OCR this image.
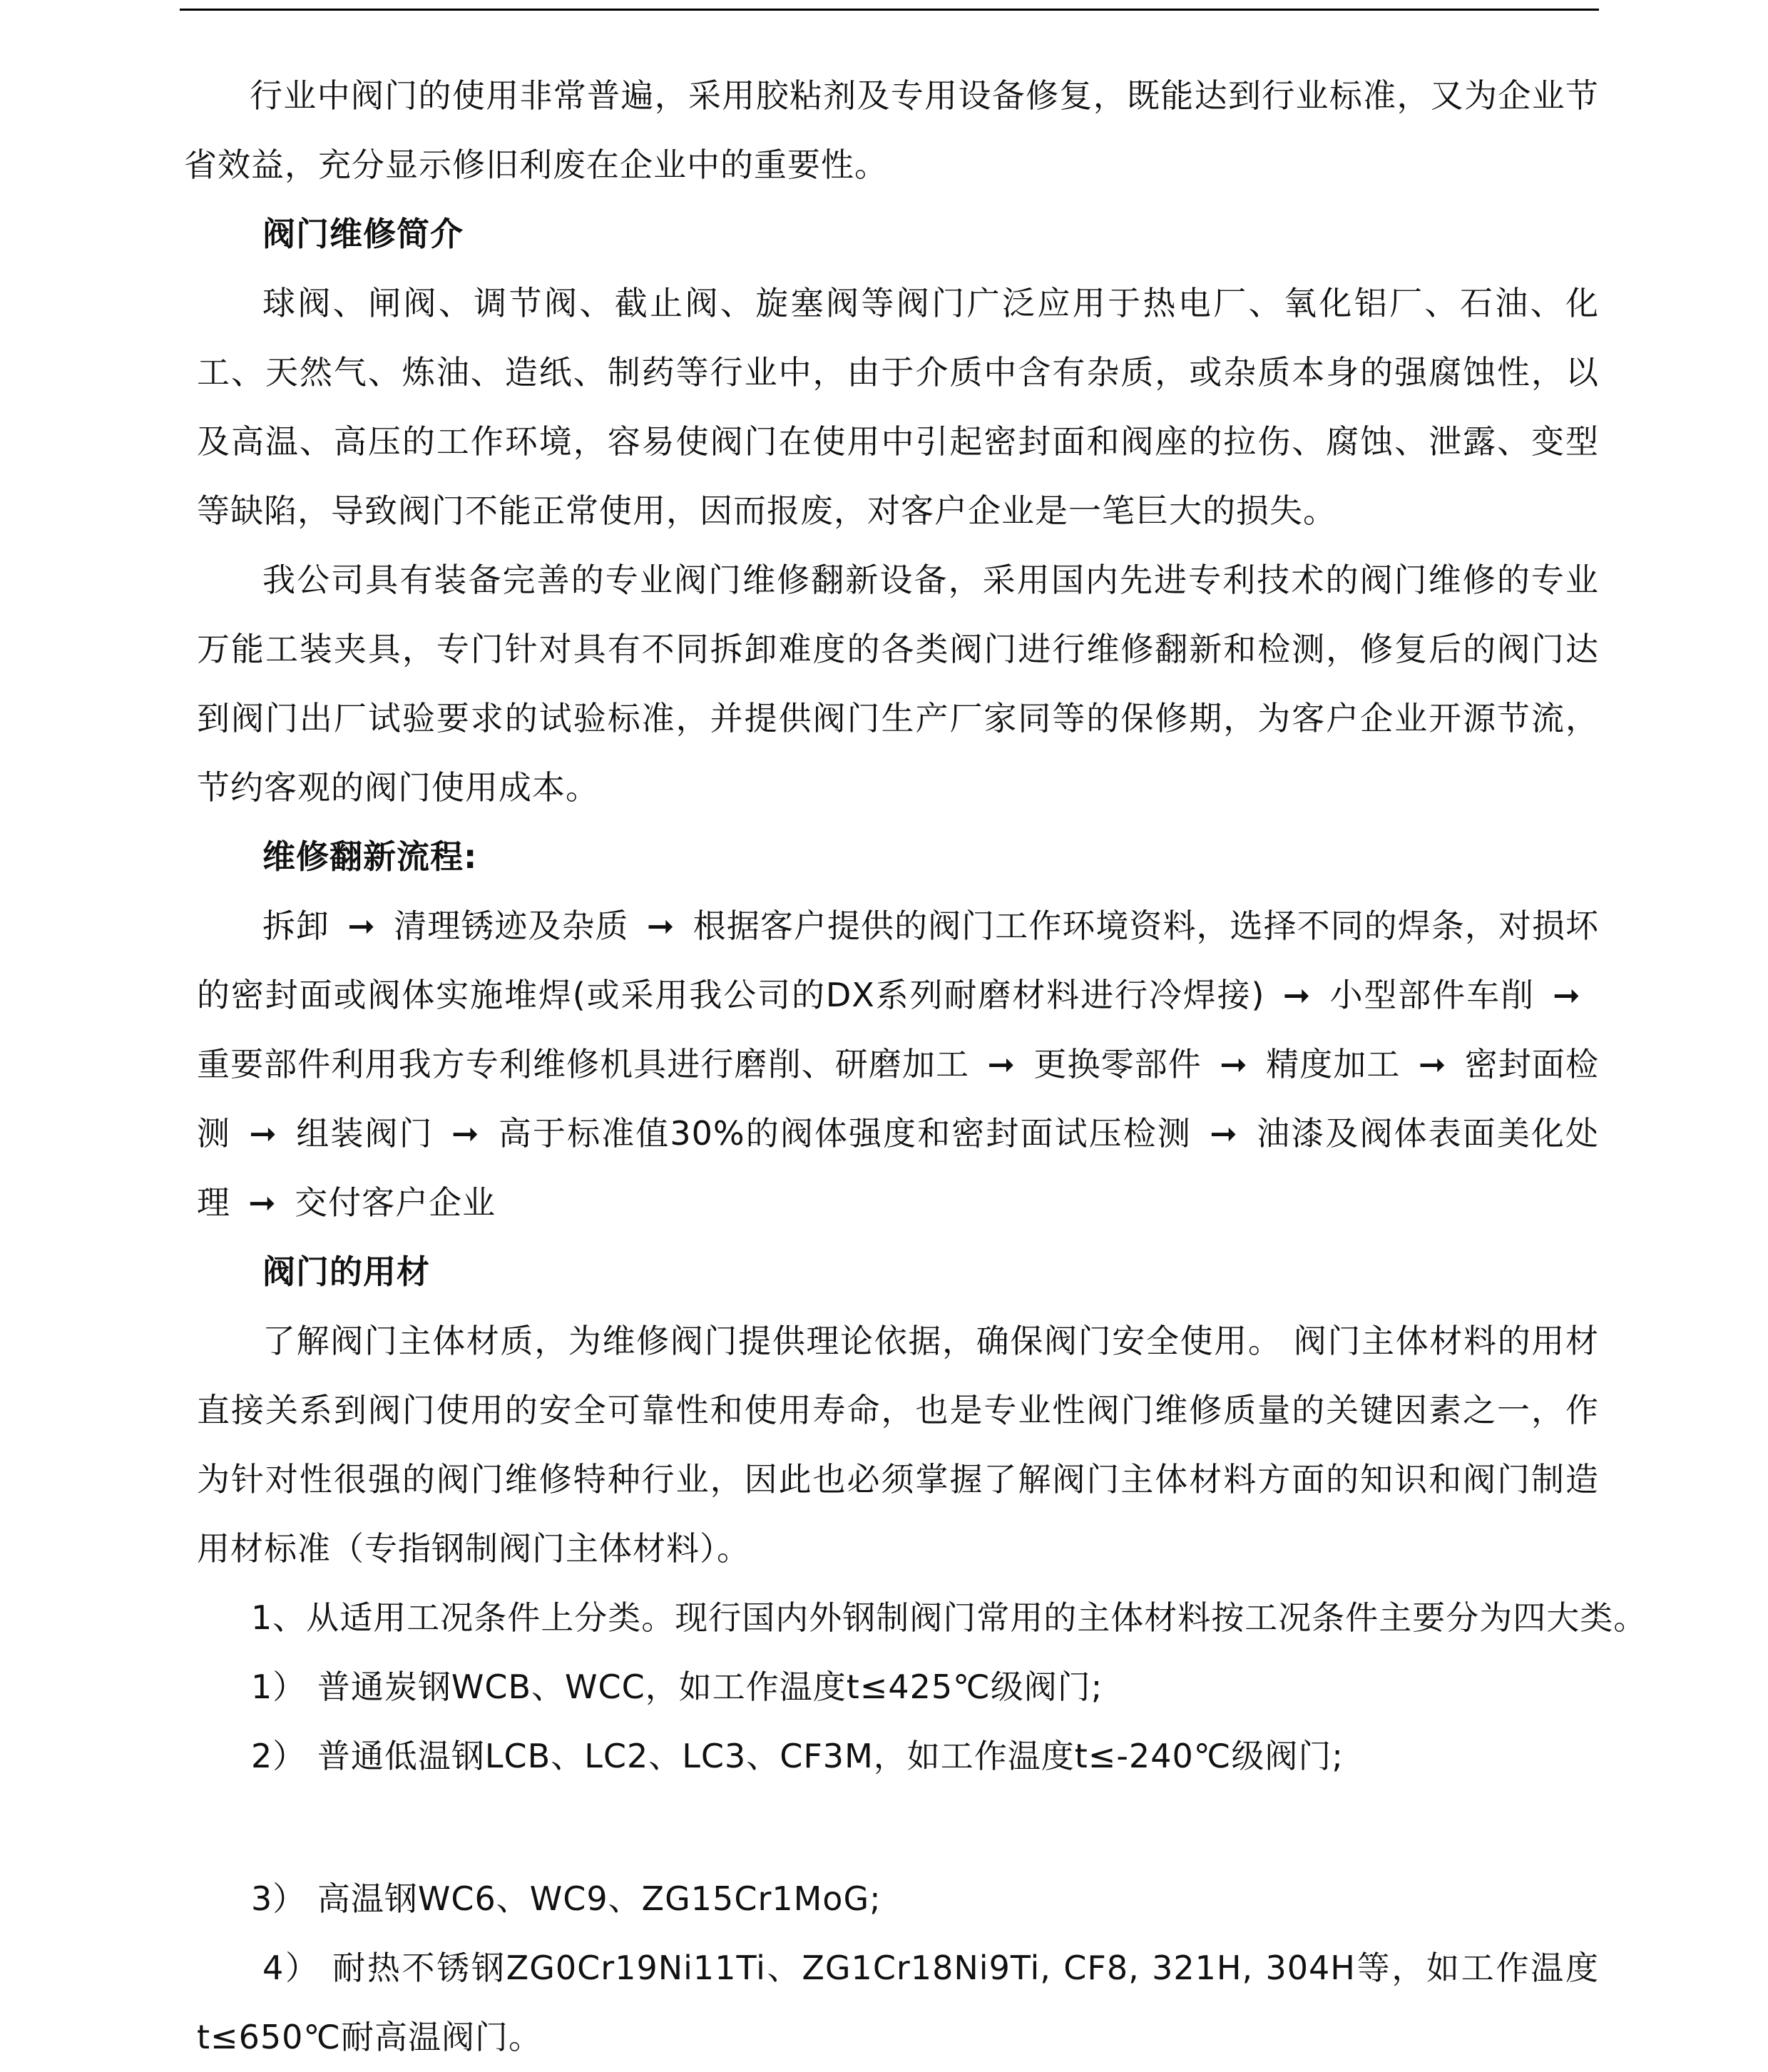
行业中阀门的使用非常普遍，采用胶粘剂及专用设备修复，既能达到行业标准，又为企业节省效益，充分显示修旧利废在企业中的重要性。

阀门维修简介

球阀、闸阀、调节阀、截止阀、旋塞阀等阀门广泛应用于热电厂、氧化铝厂、石油、化工、天然气、炼油、造纸、制药等行业中，由于介质中含有杂质，或杂质本身的强腐蚀性，以及高温、高压的工作环境，容易使阀门在使用中引起密封面和阀座的拉伤、腐蚀、泄露、变型等缺陷，导致阀门不能正常使用，因而报废，对客户企业是一笔巨大的损失。

我公司具有装备完善的专业阀门维修翻新设备，采用国内先进专利技术的阀门维修的专业万能工装夹具，专门针对具有不同拆卸难度的各类阀门进行维修翻新和检测，修复后的阀门达到阀门出厂试验要求的试验标准，并提供阀门生产厂家同等的保修期，为客户企业开源节流，节约客观的阀门使用成本。

维修翻新流程:

拆卸 ➞ 清理锈迹及杂质 ➞ 根据客户提供的阀门工作环境资料，选择不同的焊条，对损坏的密封面或阀体实施堆焊(或采用我公司的DX系列耐磨材料进行冷焊接) ➞ 小型部件车削 ➞重要部件利用我方专利维修机具进行磨削、研磨加工 ➞ 更换零部件 ➞ 精度加工 ➞ 密封面检测 ➞ 组装阀门 ➞ 高于标准值30%的阀体强度和密封面试压检测 ➞ 油漆及阀体表面美化处理 ➞ 交付客户企业

阀门的用材

了解阀门主体材质，为维修阀门提供理论依据，确保阀门安全使用。 阀门主体材料的用材直接关系到阀门使用的安全可靠性和使用寿命，也是专业性阀门维修质量的关键因素之一，作为针对性很强的阀门维修特种行业，因此也必须掌握了解阀门主体材料方面的知识和阀门制造用材标准（专指钢制阀门主体材料）。

1、从适用工况条件上分类。现行国内外钢制阀门常用的主体材料按工况条件主要分为四大类。

1） 普通炭钢WCB、WCC，如工作温度t≤425℃级阀门;

2） 普通低温钢LCB、LC2、LC3、CF3M，如工作温度t≤-240℃级阀门;

3） 高温钢WC6、WC9、ZG15Cr1MoG;

4） 耐热不锈钢ZG0Cr19Ni11Ti、ZG1Cr18Ni9Ti, CF8, 321H, 304H等，如工作温度t≤650℃耐高温阀门。
